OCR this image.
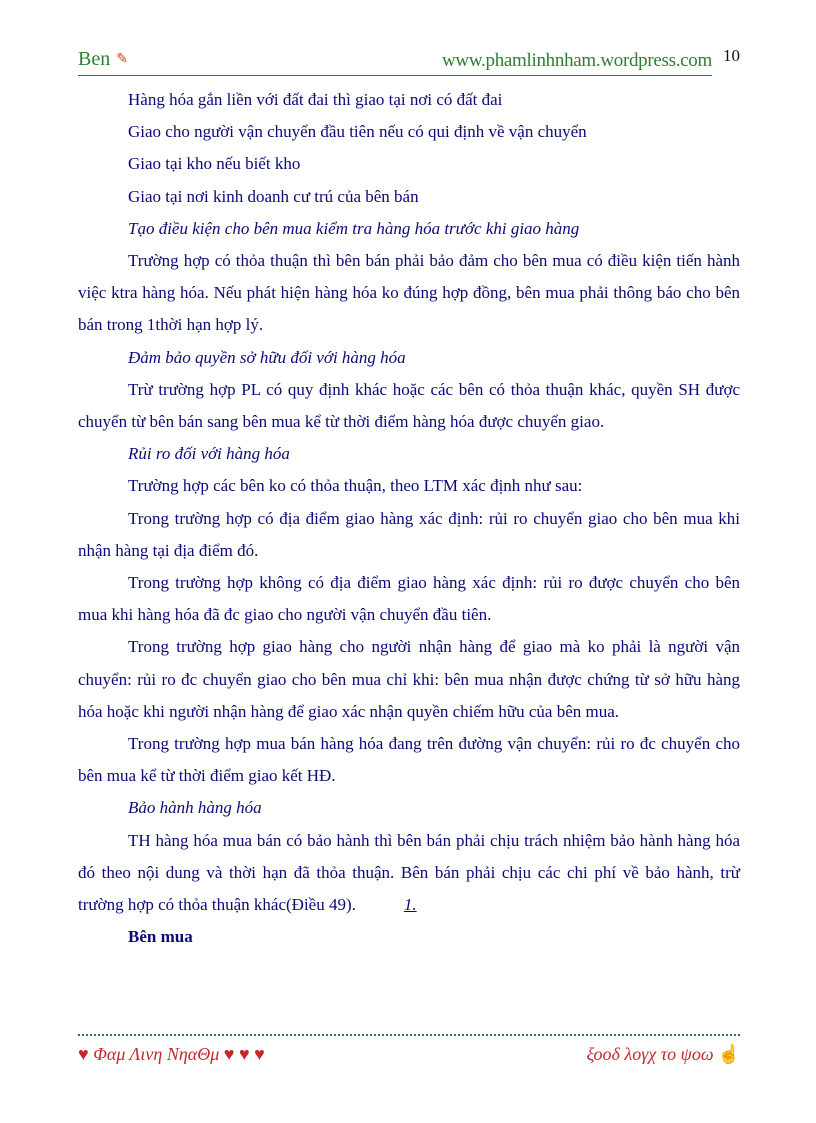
Ben ✎	www.phamlinhnham.wordpress.com 10

Hàng hóa gắn liền với đất đai thì giao tại nơi có đất đai

Giao cho người vận chuyển đầu tiên nếu có qui định về vận chuyển

Giao tại kho nếu biết kho

Giao tại nơi kinh doanh cư trú của bên bán

Tạo điều kiện cho bên mua kiểm tra hàng hóa trước khi giao hàng

Trường hợp có thỏa thuận thì bên bán phải bảo đảm cho bên mua có điều kiện tiến hành việc ktra hàng hóa. Nếu phát hiện hàng hóa ko đúng hợp đồng, bên mua phải thông báo cho bên bán trong 1thời hạn hợp lý.

Đảm bảo quyền sở hữu đối với hàng hóa

Trừ trường hợp PL có quy định khác hoặc các bên có thỏa thuận khác, quyền SH được chuyển từ bên bán sang bên mua kể từ thời điểm hàng hóa được chuyển giao.

Rủi ro đối với hàng hóa

Trường hợp các bên ko có thỏa thuận, theo LTM xác định như sau:

Trong trường hợp có địa điểm giao hàng xác định: rủi ro chuyển giao cho bên mua khi nhận hàng tại địa điểm đó.

Trong trường hợp không có địa điểm giao hàng xác định: rủi ro được chuyển cho bên mua khi hàng hóa đã đc giao cho người vận chuyển đầu tiên.

Trong trường hợp giao hàng cho người nhận hàng để giao mà ko phải là người vận chuyển: rủi ro đc chuyển giao cho bên mua chỉ khi: bên mua nhận được chứng từ sở hữu hàng hóa hoặc khi người nhận hàng để giao xác nhận quyền chiếm hữu của bên mua.

Trong trường hợp mua bán hàng hóa đang trên đường vận chuyển: rủi ro đc chuyển cho bên mua kể từ thời điểm giao kết HĐ.

Bảo hành hàng hóa

TH hàng hóa mua bán có bảo hành thì bên bán phải chịu trách nhiệm bảo hành hàng hóa đó theo nội dung và thời hạn đã thỏa thuận. Bên bán phải chịu các chi phí về bảo hành, trừ trường hợp có thỏa thuận khác(Điều 49).	1.

Bên mua

♥ Φαμ Λινη ΝηαΘμ ♥ ♥ ♥	ξοοδ λογχ το ψοω ☝
